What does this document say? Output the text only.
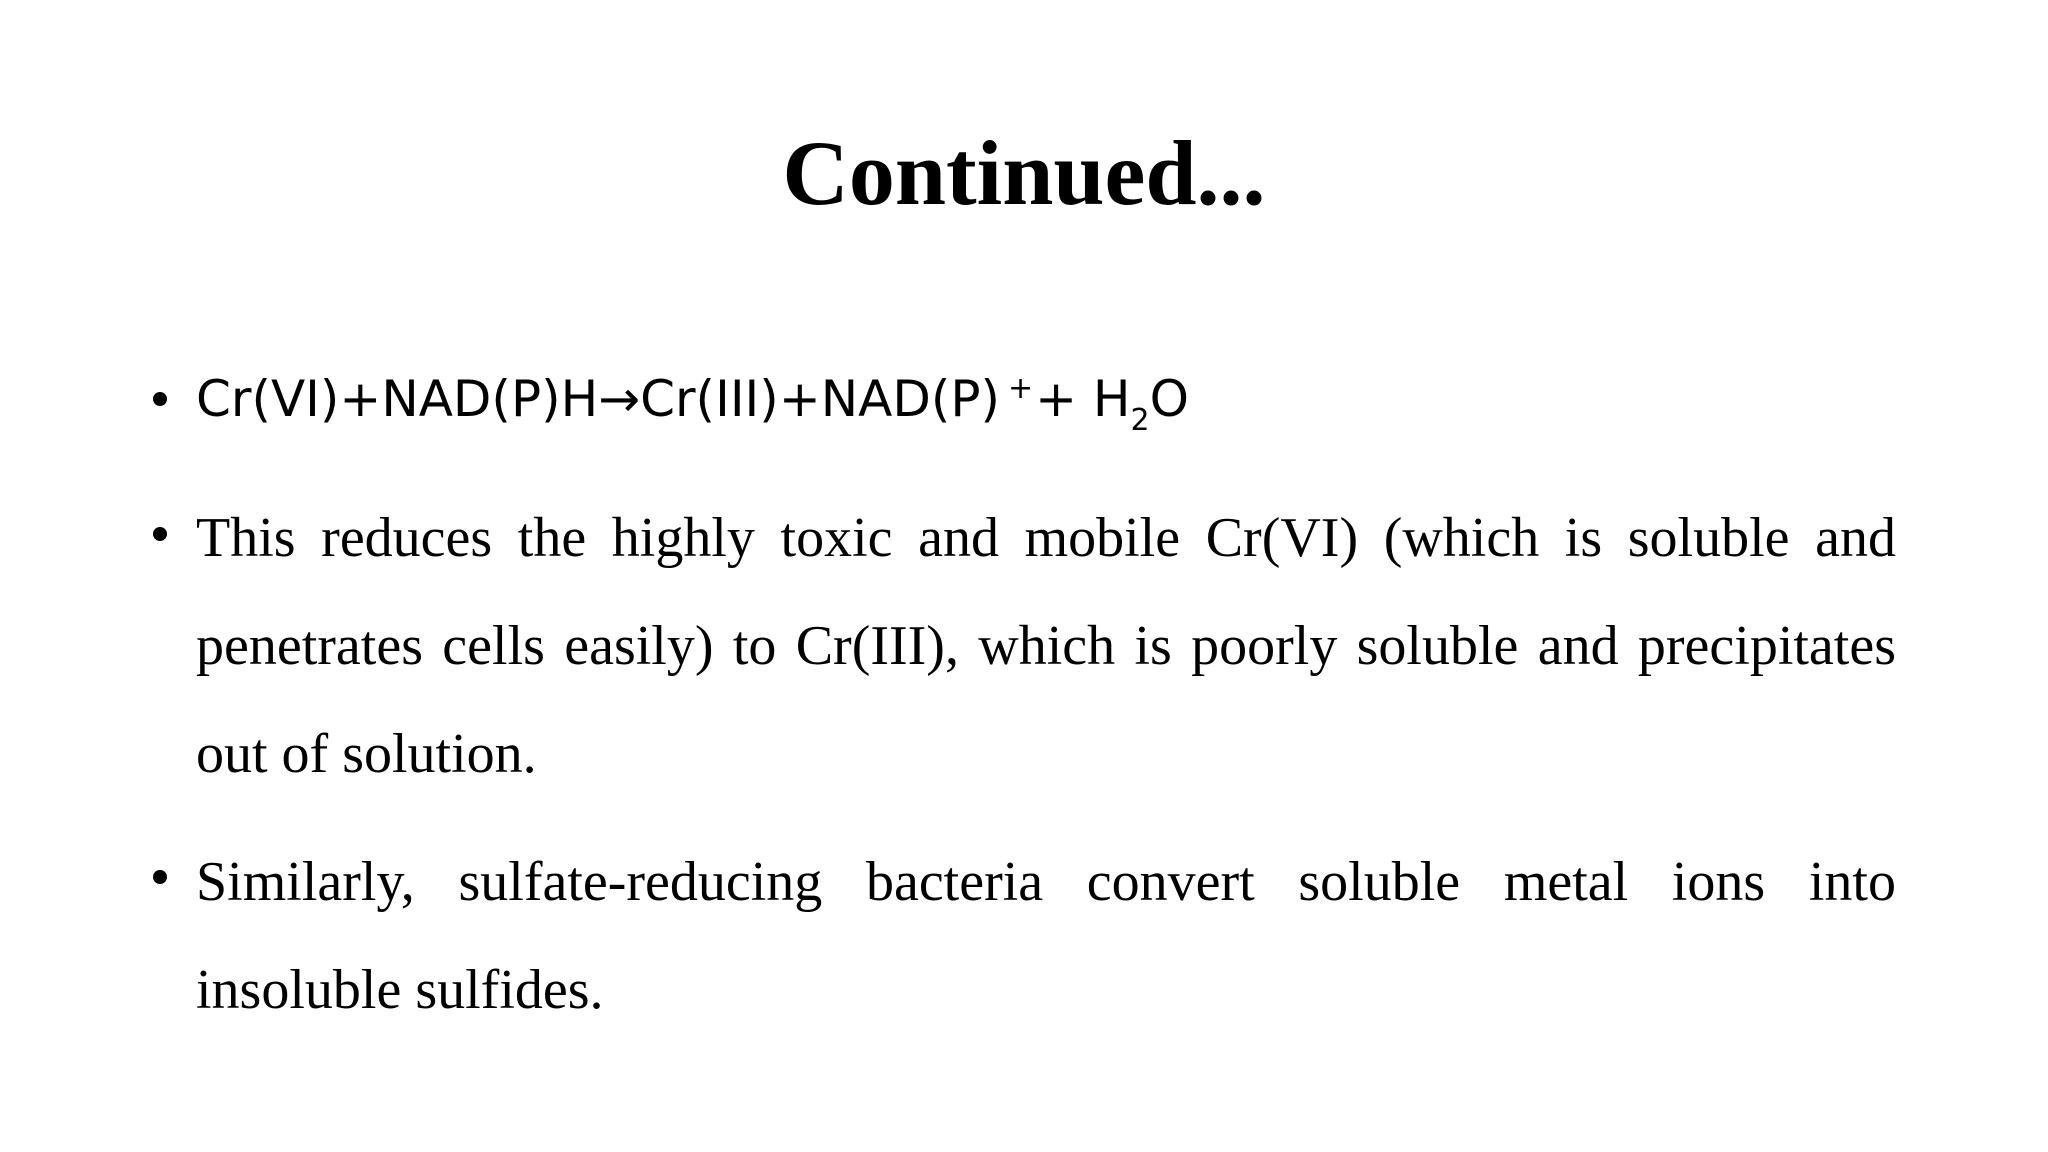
Continued...
Cr(VI)+NAD(P)H→Cr(III)+NAD(P) $^++ H_2O$

This reduces the highly toxic and mobile Cr(VI) (which is soluble and penetrates cells easily) to Cr(III), which is poorly soluble and precipitates out of solution.

Similarly, sulfate-reducing bacteria convert soluble metal ions into insoluble sulfides.
